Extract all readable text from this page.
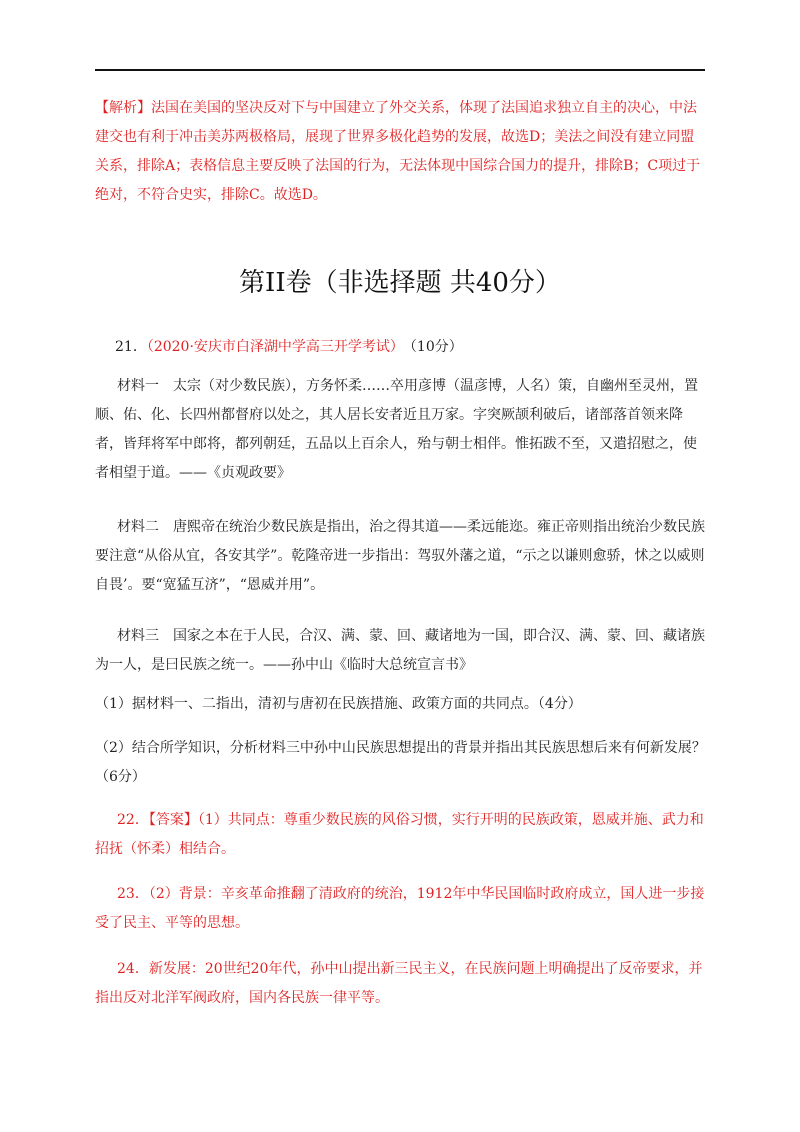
【解析】法国在美国的坚决反对下与中国建立了外交关系，体现了法国追求独立自主的决心，中法建交也有利于冲击美苏两极格局，展现了世界多极化趋势的发展，故选D；美法之间没有建立同盟关系，排除A；表格信息主要反映了法国的行为，无法体现中国综合国力的提升，排除B；C项过于绝对，不符合史实，排除C。故选D。
第II卷（非选择题 共40分）
21．（2020·安庆市白泽湖中学高三开学考试） （10分）
材料一　太宗（对少数民族），方务怀柔……卒用彦博（温彦博，人名）策，自幽州至灵州，置顺、佑、化、长四州都督府以处之，其人居长安者近且万家。字突厥颉利破后，诸部落首领来降者，皆拜将军中郎将，都列朝廷，五品以上百余人，殆与朝士相伴。惟拓跋不至，又遣招慰之，使者相望于道。——《贞观政要》
材料二　唐熙帝在统治少数民族是指出，治之得其道——柔远能迩。雍正帝则指出统治少数民族要注意“从俗从宜，各安其学”。乾隆帝进一步指出：驾驭外藩之道，“示之以谦则愈骄，怵之以威则自畏’。要“宽猛互济”，“恩威并用”。
材料三　国家之本在于人民，合汉、满、蒙、回、藏诸地为一国，即合汉、满、蒙、回、藏诸族为一人，是曰民族之统一。——孙中山《临时大总统宣言书》
（1）据材料一、二指出，清初与唐初在民族措施、政策方面的共同点。（4分）
（2）结合所学知识，分析材料三中孙中山民族思想提出的背景并指出其民族思想后来有何新发展？（6分）
22．【答案】（1）共同点：尊重少数民族的风俗习惯，实行开明的民族政策，恩威并施、武力和招抚（怀柔）相结合。
23．（2）背景：辛亥革命推翻了清政府的统治，1912年中华民国临时政府成立，国人进一步接受了民主、平等的思想。
24．新发展：20世纪20年代，孙中山提出新三民主义，在民族问题上明确提出了反帝要求，并指出反对北洋军阀政府，国内各民族一律平等。
